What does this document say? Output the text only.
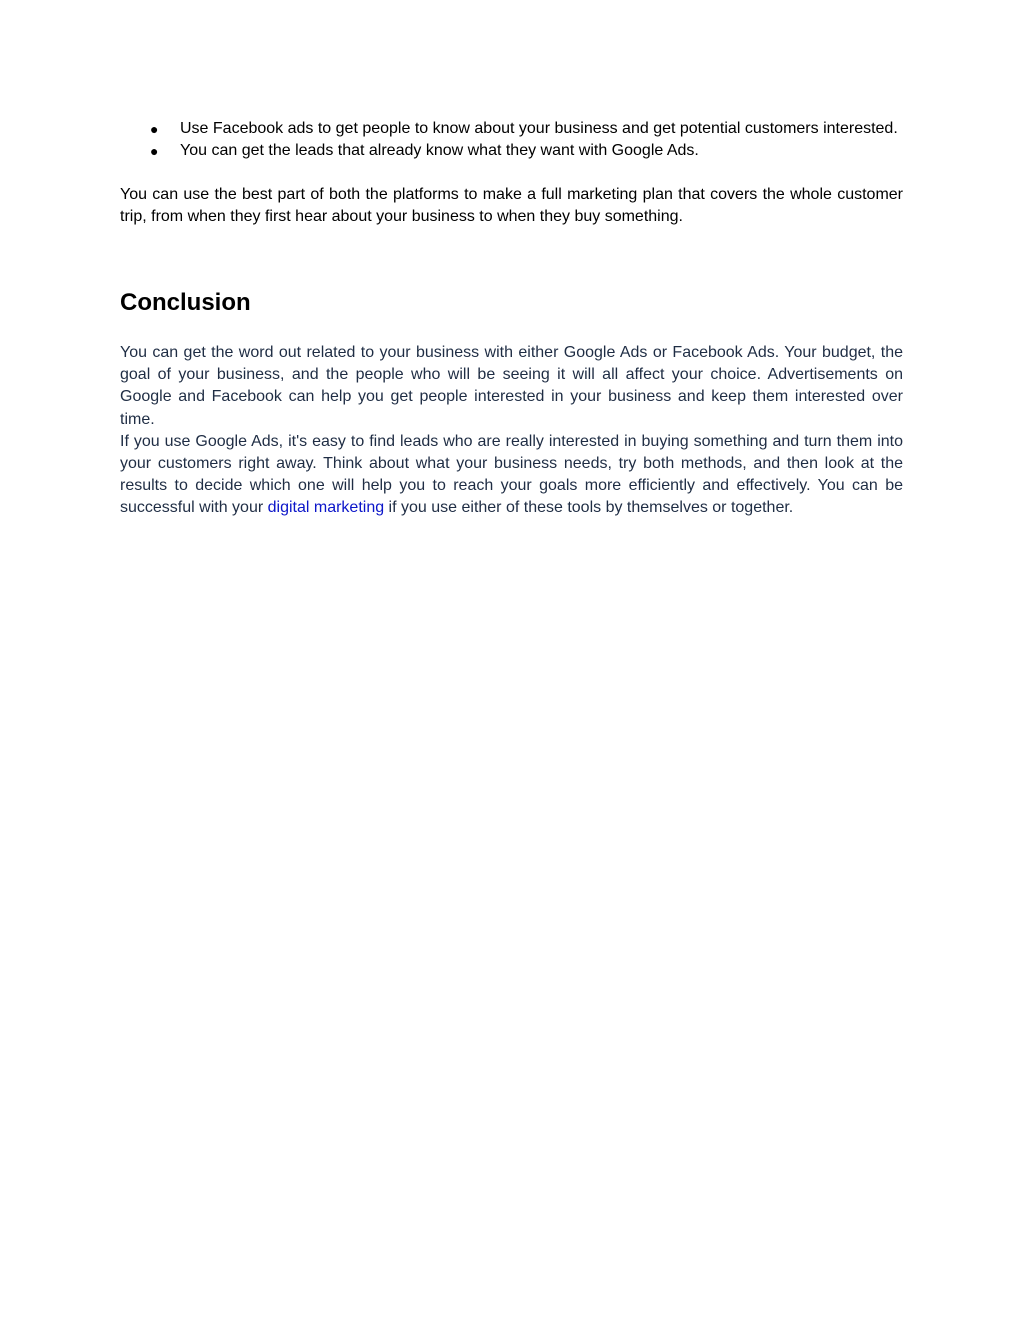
● Use Facebook ads to get people to know about your business and get potential customers interested.
● You can get the leads that already know what they want with Google Ads.

You can use the best part of both the platforms to make a full marketing plan that covers the whole customer trip, from when they first hear about your business to when they buy something.

Conclusion

You can get the word out related to your business with either Google Ads or Facebook Ads. Your budget, the goal of your business, and the people who will be seeing it will all affect your choice. Advertisements on Google and Facebook can help you get people interested in your business and keep them interested over time.

If you use Google Ads, it's easy to find leads who are really interested in buying something and turn them into your customers right away. Think about what your business needs, try both methods, and then look at the results to decide which one will help you to reach your goals more efficiently and effectively. You can be successful with your digital marketing if you use either of these tools by themselves or together.
